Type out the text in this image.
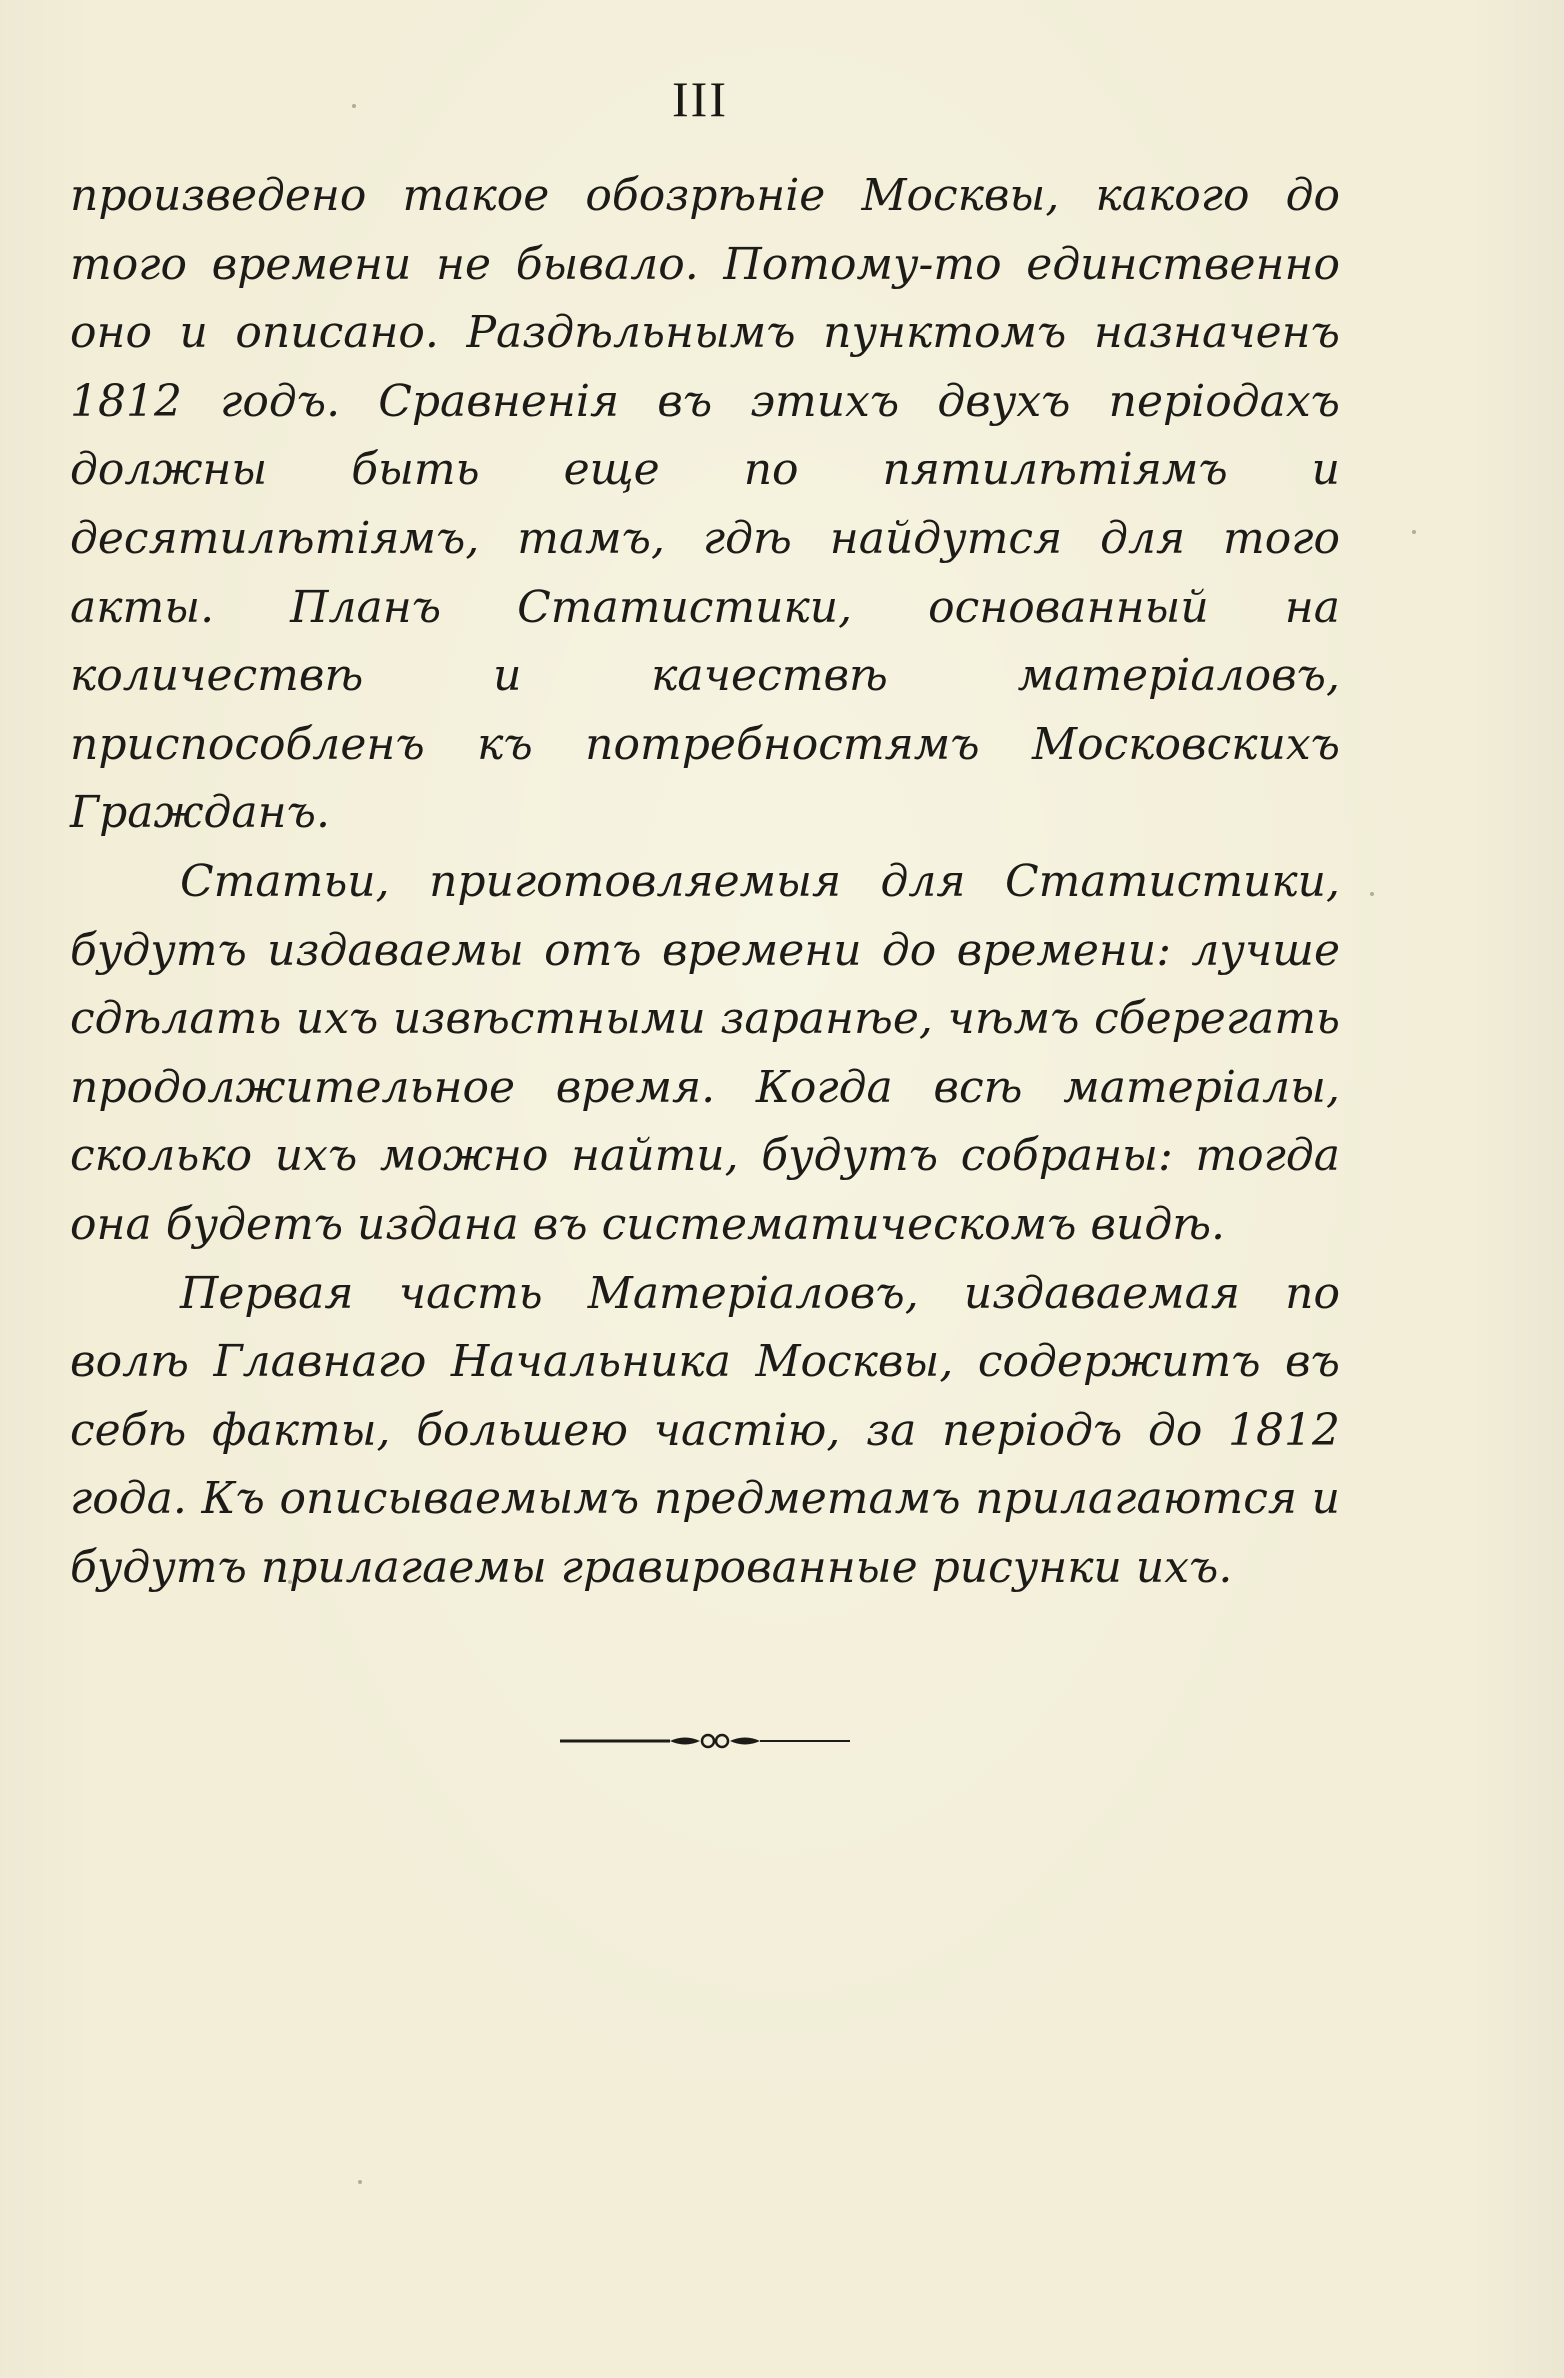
III

произведено такое обозрѣніе Москвы, какого до того времени не бывало. Потому-то единственно оно и описано. Раздѣльнымъ пунктомъ назначенъ 1812 годъ. Сравненія въ этихъ двухъ періодахъ должны быть еще по пятилѣтіямъ и десятилѣтіямъ, тамъ, гдѣ найдутся для того акты. Планъ Статистики, основанный на количествѣ и качествѣ матеріаловъ, приспособленъ къ потребностямъ Московскихъ Гражданъ.

Статьи, приготовляемыя для Статистики, будутъ издаваемы отъ времени до времени: лучше сдѣлать ихъ извѣстными заранѣе, чѣмъ сберегать продолжительное время. Когда всѣ матеріалы, сколько ихъ можно найти, будутъ собраны: тогда она будетъ издана въ систематическомъ видѣ.

Первая часть Матеріаловъ, издаваемая по волѣ Главнаго Начальника Москвы, содержитъ въ себѣ факты, большею частію, за періодъ до 1812 года. Къ описываемымъ предметамъ прилагаются и будутъ прилагаемы гравированные рисунки ихъ.
